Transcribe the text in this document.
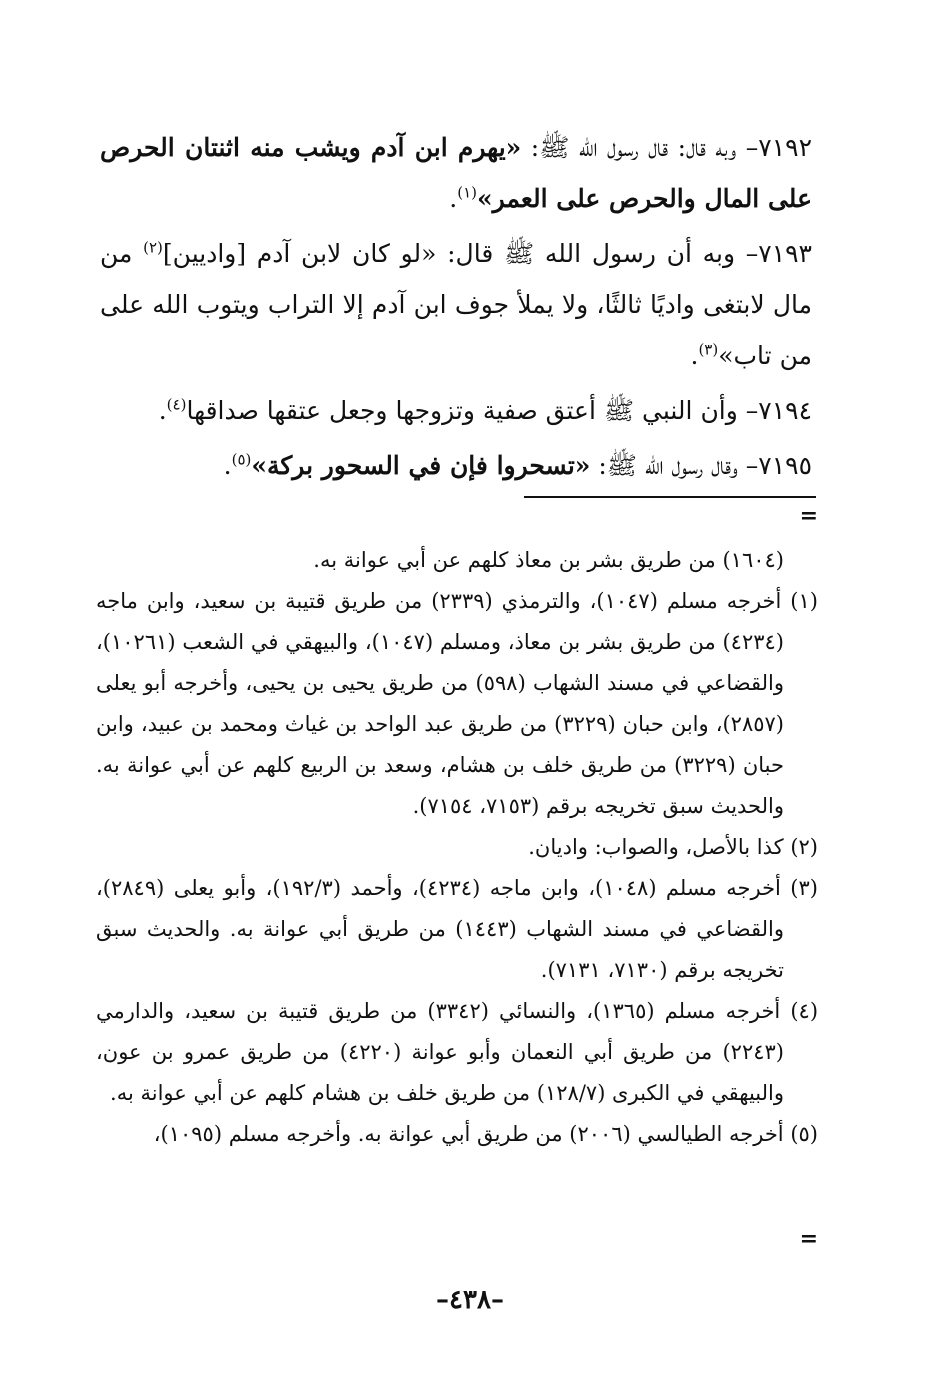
٧١٩٢– وبه قال: قال رسول الله ﷺ: «يهرم ابن آدم ويشب منه اثنتان الحرص على المال والحرص على العمر»$^{(١)}$.

٧١٩٣– وبه أن رسول الله ﷺ قال: «لو كان لابن آدم [واديين]$^{(٢)}$ من مال لابتغى واديًا ثالثًا، ولا يملأ جوف ابن آدم إلا التراب ويتوب الله على من تاب»$^{(٣)}$.

٧١٩٤– وأن النبي ﷺ أعتق صفية وتزوجها وجعل عتقها صداقها$^{(٤)}$.

٧١٩٥– وقال رسول الله ﷺ: «تسحروا فإن في السحور بركة»$^{(٥)}$.

=

(١٦٠٤) من طريق بشر بن معاذ كلهم عن أبي عوانة به.

(١) أخرجه مسلم (١٠٤٧)، والترمذي (٢٣٣٩) من طريق قتيبة بن سعيد، وابن ماجه (٤٢٣٤) من طريق بشر بن معاذ، ومسلم (١٠٤٧)، والبيهقي في الشعب (١٠٢٦١)، والقضاعي في مسند الشهاب (٥٩٨) من طريق يحيى بن يحيى، وأخرجه أبو يعلى (٢٨٥٧)، وابن حبان (٣٢٢٩) من طريق عبد الواحد بن غياث ومحمد بن عبيد، وابن حبان (٣٢٢٩) من طريق خلف بن هشام، وسعد بن الربيع كلهم عن أبي عوانة به. والحديث سبق تخريجه برقم (٧١٥٣، ٧١٥٤).

(٢) كذا بالأصل، والصواب: واديان.

(٣) أخرجه مسلم (١٠٤٨)، وابن ماجه (٤٢٣٤)، وأحمد (١٩٢/٣)، وأبو يعلى (٢٨٤٩)، والقضاعي في مسند الشهاب (١٤٤٣) من طريق أبي عوانة به. والحديث سبق تخريجه برقم (٧١٣٠، ٧١٣١).

(٤) أخرجه مسلم (١٣٦٥)، والنسائي (٣٣٤٢) من طريق قتيبة بن سعيد، والدارمي (٢٢٤٣) من طريق أبي النعمان وأبو عوانة (٤٢٢٠) من طريق عمرو بن عون، والبيهقي في الكبرى (١٢٨/٧) من طريق خلف بن هشام كلهم عن أبي عوانة به.

(٥) أخرجه الطيالسي (٢٠٠٦) من طريق أبي عوانة به. وأخرجه مسلم (١٠٩٥)،

=
–٤٣٨–
